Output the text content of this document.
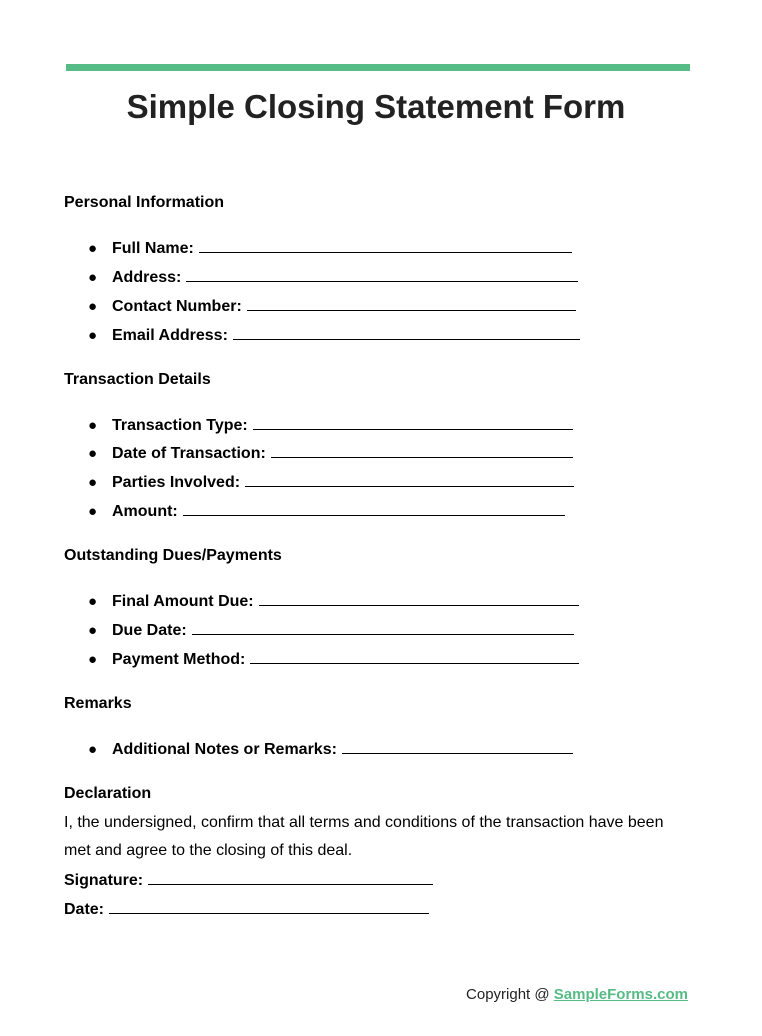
Simple Closing Statement Form
Personal Information
● Full Name:
● Address:
● Contact Number:
● Email Address:
Transaction Details
● Transaction Type:
● Date of Transaction:
● Parties Involved:
● Amount:
Outstanding Dues/Payments
● Final Amount Due:
● Due Date:
● Payment Method:
Remarks
● Additional Notes or Remarks:
Declaration
I, the undersigned, confirm that all terms and conditions of the transaction have been met and agree to the closing of this deal.
Signature:
Date:
Copyright @ SampleForms.com
